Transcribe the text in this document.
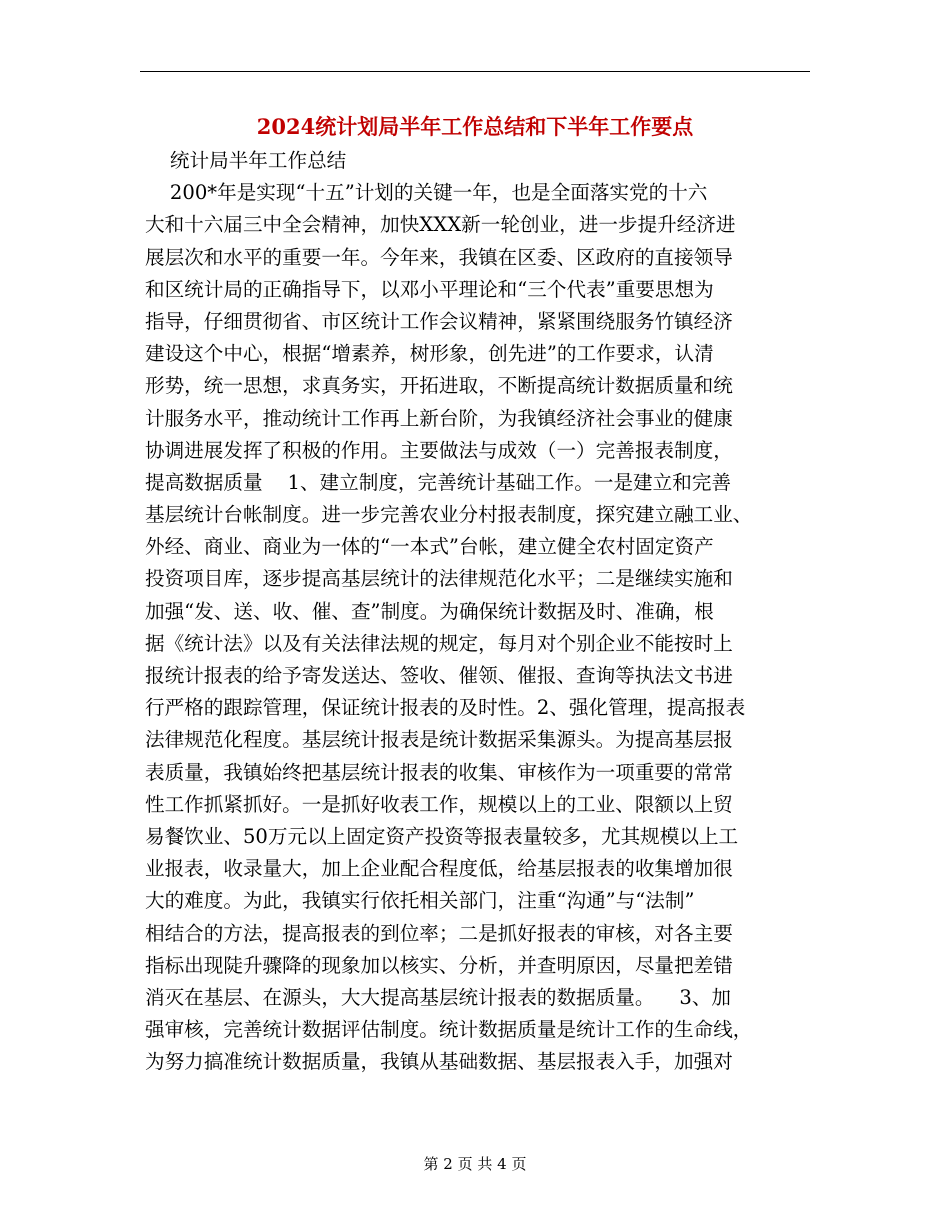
2024统计划局半年工作总结和下半年工作要点
统计局半年工作总结
200*年是实现“十五”计划的关键一年，也是全面落实党的十六
大和十六届三中全会精神，加快XXX新一轮创业，进一步提升经济进
展层次和水平的重要一年。今年来，我镇在区委、区政府的直接领导
和区统计局的正确指导下，以邓小平理论和“三个代表”重要思想为
指导，仔细贯彻省、市区统计工作会议精神，紧紧围绕服务竹镇经济
建设这个中心，根据“增素养，树形象，创先进”的工作要求，认清
形势，统一思想，求真务实，开拓进取，不断提高统计数据质量和统
计服务水平，推动统计工作再上新台阶，为我镇经济社会事业的健康
协调进展发挥了积极的作用。主要做法与成效（一）完善报表制度，
提高数据质量    1、建立制度，完善统计基础工作。一是建立和完善
基层统计台帐制度。进一步完善农业分村报表制度，探究建立融工业、
外经、商业、商业为一体的“一本式”台帐，建立健全农村固定资产
投资项目库，逐步提高基层统计的法律规范化水平；二是继续实施和
加强“发、送、收、催、查”制度。为确保统计数据及时、准确，根
据《统计法》以及有关法律法规的规定，每月对个别企业不能按时上
报统计报表的给予寄发送达、签收、催领、催报、查询等执法文书进
行严格的跟踪管理，保证统计报表的及时性。2、强化管理，提高报表
法律规范化程度。基层统计报表是统计数据采集源头。为提高基层报
表质量，我镇始终把基层统计报表的收集、审核作为一项重要的常常
性工作抓紧抓好。一是抓好收表工作，规模以上的工业、限额以上贸
易餐饮业、50万元以上固定资产投资等报表量较多，尤其规模以上工
业报表，收录量大，加上企业配合程度低，给基层报表的收集增加很
大的难度。为此，我镇实行依托相关部门，注重“沟通”与“法制”
相结合的方法，提高报表的到位率；二是抓好报表的审核，对各主要
指标出现陡升骤降的现象加以核实、分析，并查明原因，尽量把差错
消灭在基层、在源头，大大提高基层统计报表的数据质量。    3、加
强审核，完善统计数据评估制度。统计数据质量是统计工作的生命线，
为努力搞准统计数据质量，我镇从基础数据、基层报表入手，加强对
第 2 页 共 4 页
